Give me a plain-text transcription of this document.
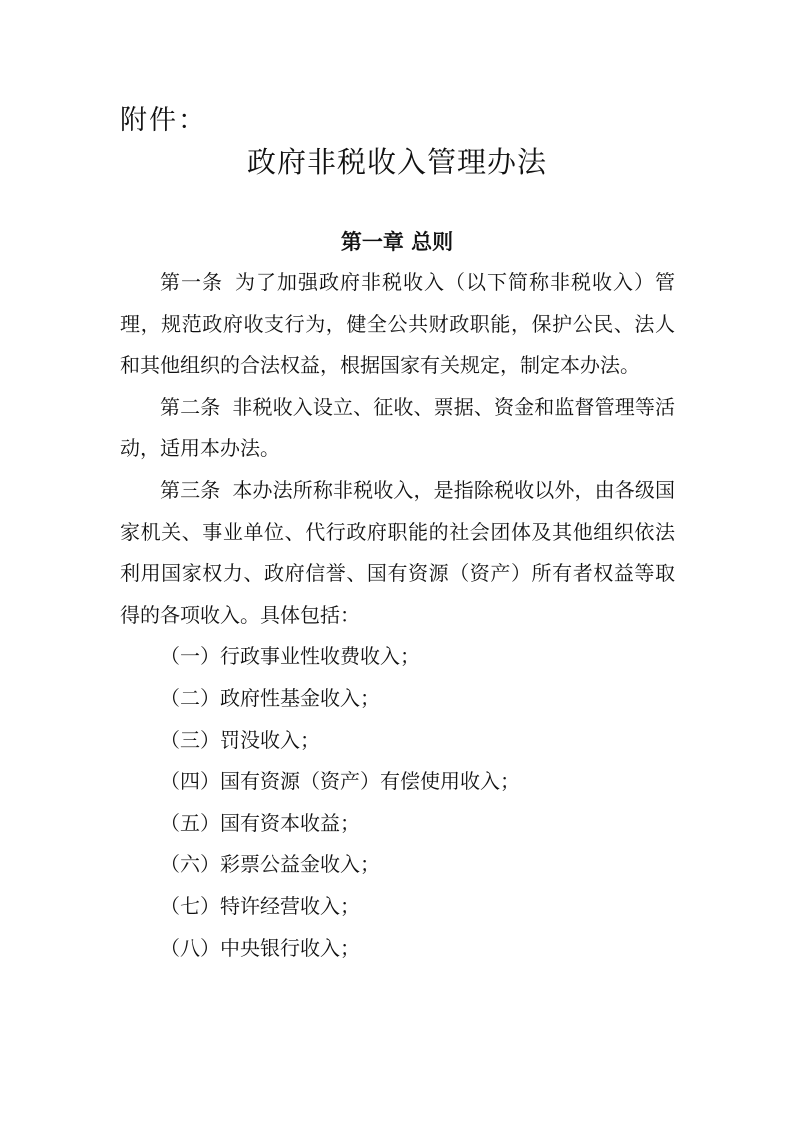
附件：
政府非税收入管理办法
第一章 总则

第一条 为了加强政府非税收入（以下简称非税收入）管理，规范政府收支行为，健全公共财政职能，保护公民、法人和其他组织的合法权益，根据国家有关规定，制定本办法。

第二条 非税收入设立、征收、票据、资金和监督管理等活动，适用本办法。

第三条 本办法所称非税收入，是指除税收以外，由各级国家机关、事业单位、代行政府职能的社会团体及其他组织依法利用国家权力、政府信誉、国有资源（资产）所有者权益等取得的各项收入。具体包括：

（一）行政事业性收费收入；

（二）政府性基金收入；

（三）罚没收入；

（四）国有资源（资产）有偿使用收入；

（五）国有资本收益；

（六）彩票公益金收入；

（七）特许经营收入；

（八）中央银行收入；
